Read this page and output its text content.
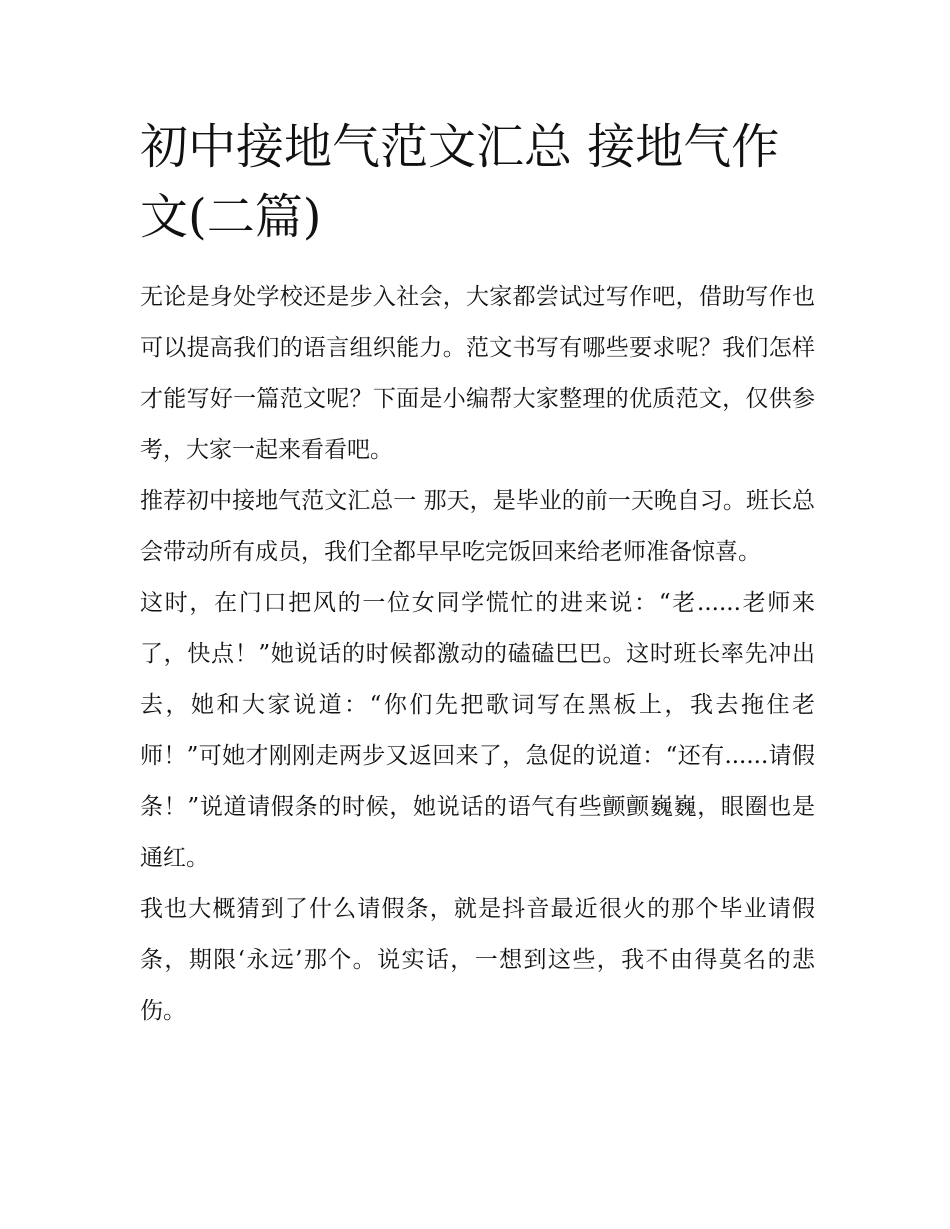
初中接地气范文汇总 接地气作文(二篇)

无论是身处学校还是步入社会，大家都尝试过写作吧，借助写作也可以提高我们的语言组织能力。范文书写有哪些要求呢？我们怎样才能写好一篇范文呢？下面是小编帮大家整理的优质范文，仅供参考，大家一起来看看吧。

推荐初中接地气范文汇总一 那天，是毕业的前一天晚自习。班长总会带动所有成员，我们全都早早吃完饭回来给老师准备惊喜。

这时，在门口把风的一位女同学慌忙的进来说：“老......老师来了，快点！”她说话的时候都激动的磕磕巴巴。这时班长率先冲出去，她和大家说道：“你们先把歌词写在黑板上，我去拖住老师！”可她才刚刚走两步又返回来了，急促的说道：“还有......请假条！”说道请假条的时候，她说话的语气有些颤颤巍巍，眼圈也是通红。

我也大概猜到了什么请假条，就是抖音最近很火的那个毕业请假条，期限‘永远’那个。说实话，一想到这些，我不由得莫名的悲伤。
